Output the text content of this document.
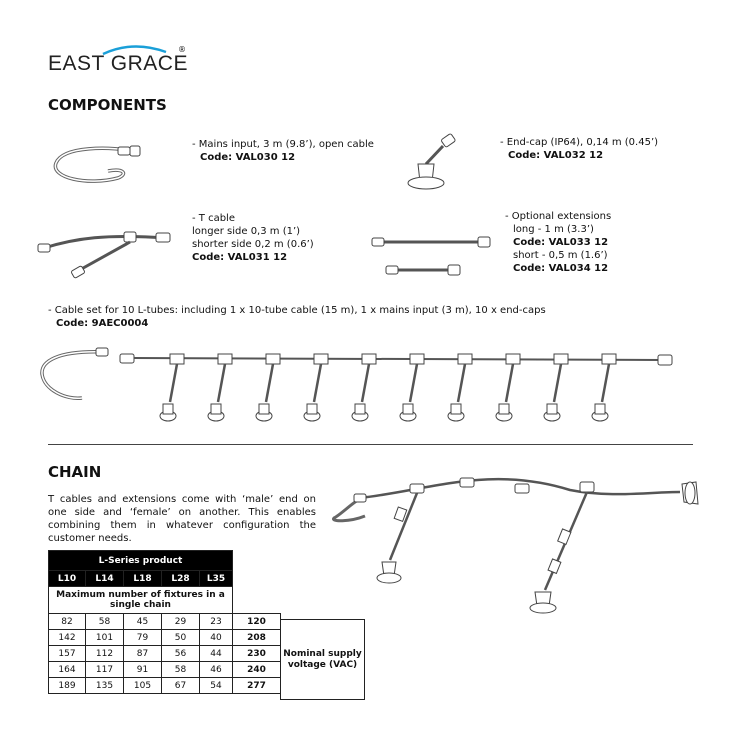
EAST GRACE
®
COMPONENTS
- Mains input, 3 m (9.8’), open cable
Code: VAL030 12
- End-cap (IP64), 0,14 m (0.45’)
Code: VAL032 12
- T cable
longer side 0,3 m (1’)
shorter side 0,2 m (0.6’)
Code: VAL031 12
- Optional extensions
long - 1 m (3.3’)
Code: VAL033 12
short - 0,5 m (1.6’)
Code: VAL034 12
- Cable set for 10 L-tubes: including 1 x 10-tube cable (15 m), 1 x mains input (3 m), 10 x end-caps
Code: 9AEC0004
CHAIN
T cables and extensions come with ‘male’ end on one side and ‘female’ on another. This enables combining them in whatever configuration the customer needs.
L-Series product					
L10	L14	L18	L28	L35	
Maximum number of fixtures in a single chain					
82	58	45	29	23	120
142	101	79	50	40	208
157	112	87	56	44	230
164	117	91	58	46	240
189	135	105	67	54	277
Nominal supply voltage (VAC)
